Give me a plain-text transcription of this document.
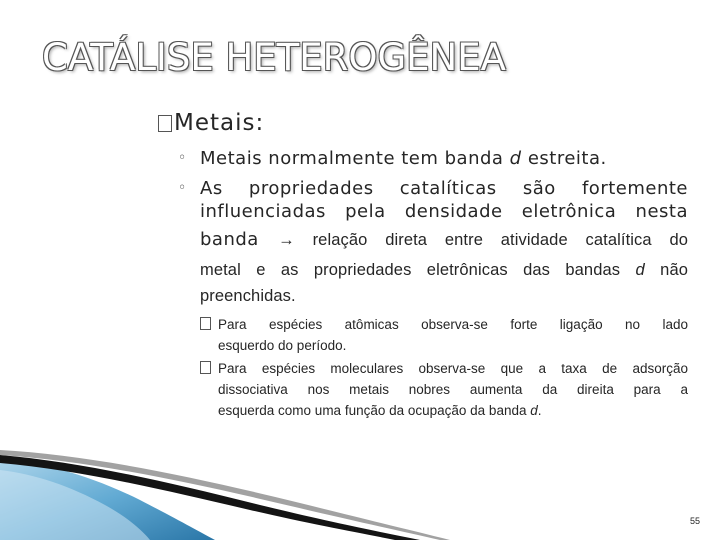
CATÁLISE HETEROGÊNEA
Metais:
◦ Metais normalmente tem banda d estreita.
◦ As propriedades catalíticas são fortemente
influenciadas pela densidade eletrônica nesta
banda → relação direta entre atividade catalítica do
metal e as propriedades eletrônicas das bandas d não
preenchidas.
Para espécies atômicas observa-se forte ligação no lado
esquerdo do período.
Para espécies moleculares observa-se que a taxa de adsorção
dissociativa nos metais nobres aumenta da direita para a
esquerda como uma função da ocupação da banda d.
55
